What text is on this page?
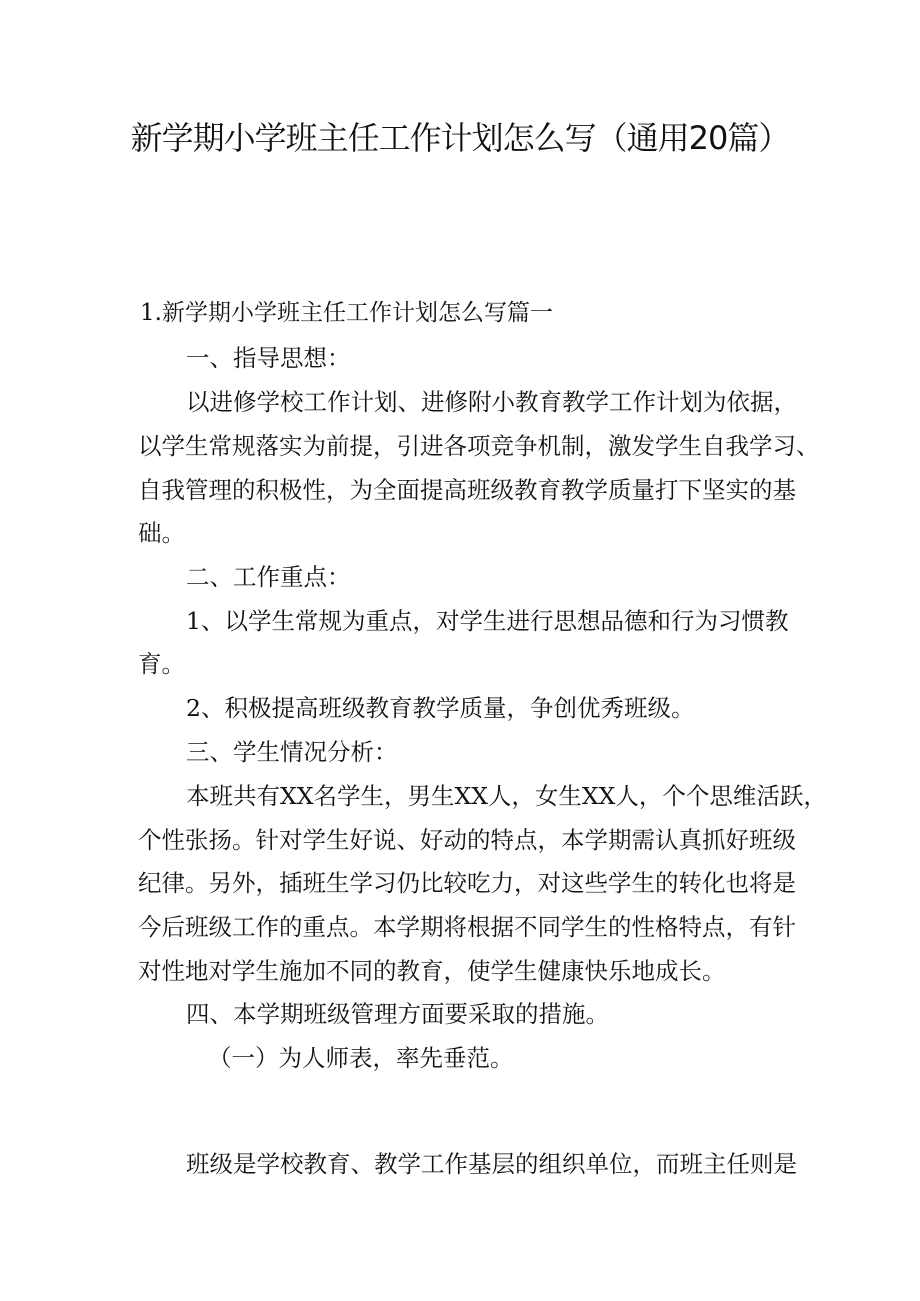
新学期小学班主任工作计划怎么写（通用20篇）
1.新学期小学班主任工作计划怎么写篇一
一、指导思想：
以进修学校工作计划、进修附小教育教学工作计划为依据，
以学生常规落实为前提，引进各项竞争机制，激发学生自我学习、
自我管理的积极性，为全面提高班级教育教学质量打下坚实的基
础。
二、工作重点：
1、以学生常规为重点，对学生进行思想品德和行为习惯教
育。
2、积极提高班级教育教学质量，争创优秀班级。
三、学生情况分析：
本班共有XX名学生，男生XX人，女生XX人，个个思维活跃，
个性张扬。针对学生好说、好动的特点，本学期需认真抓好班级
纪律。另外，插班生学习仍比较吃力，对这些学生的转化也将是
今后班级工作的重点。本学期将根据不同学生的性格特点，有针
对性地对学生施加不同的教育，使学生健康快乐地成长。
四、本学期班级管理方面要采取的措施。
（一）为人师表，率先垂范。
班级是学校教育、教学工作基层的组织单位，而班主任则是
